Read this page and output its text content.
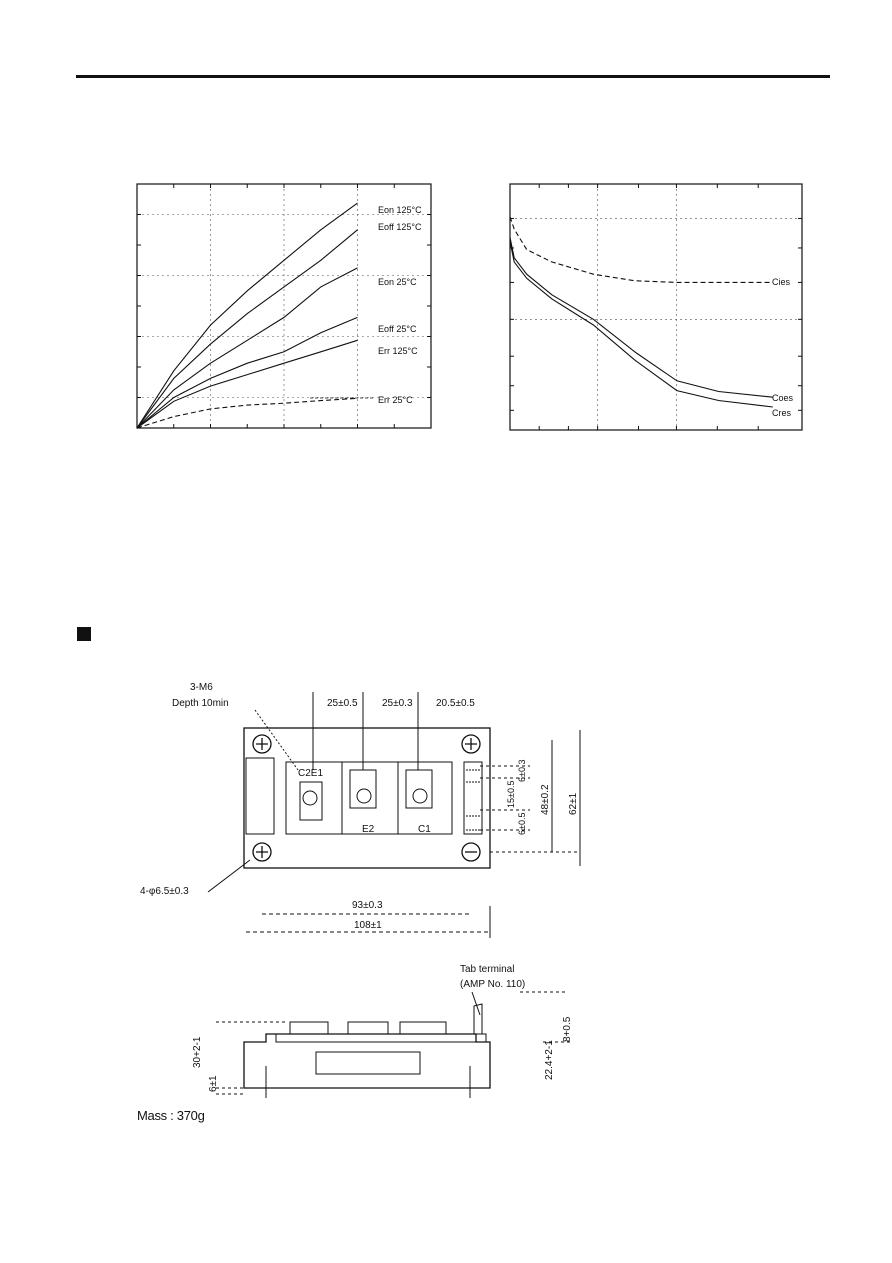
Eon 125°C
Eoff 125°C
Eon 25°C
Eoff 25°C
Err 125°C
Err 25°C
Cies
Coes
Cres
3-M6
Depth 10min	25±0.5 25±0.3 20.5±0.5
C2E1
E2	C1
6±0.3
15±0.5
6±0.5
48±0.2 62±1
4-φ6.5±0.3
93±0.3
108±1
Tab terminal
(AMP No. 110)
30+2-1
6±1
22.4+2-1
8+0.5
Mass : 370g
